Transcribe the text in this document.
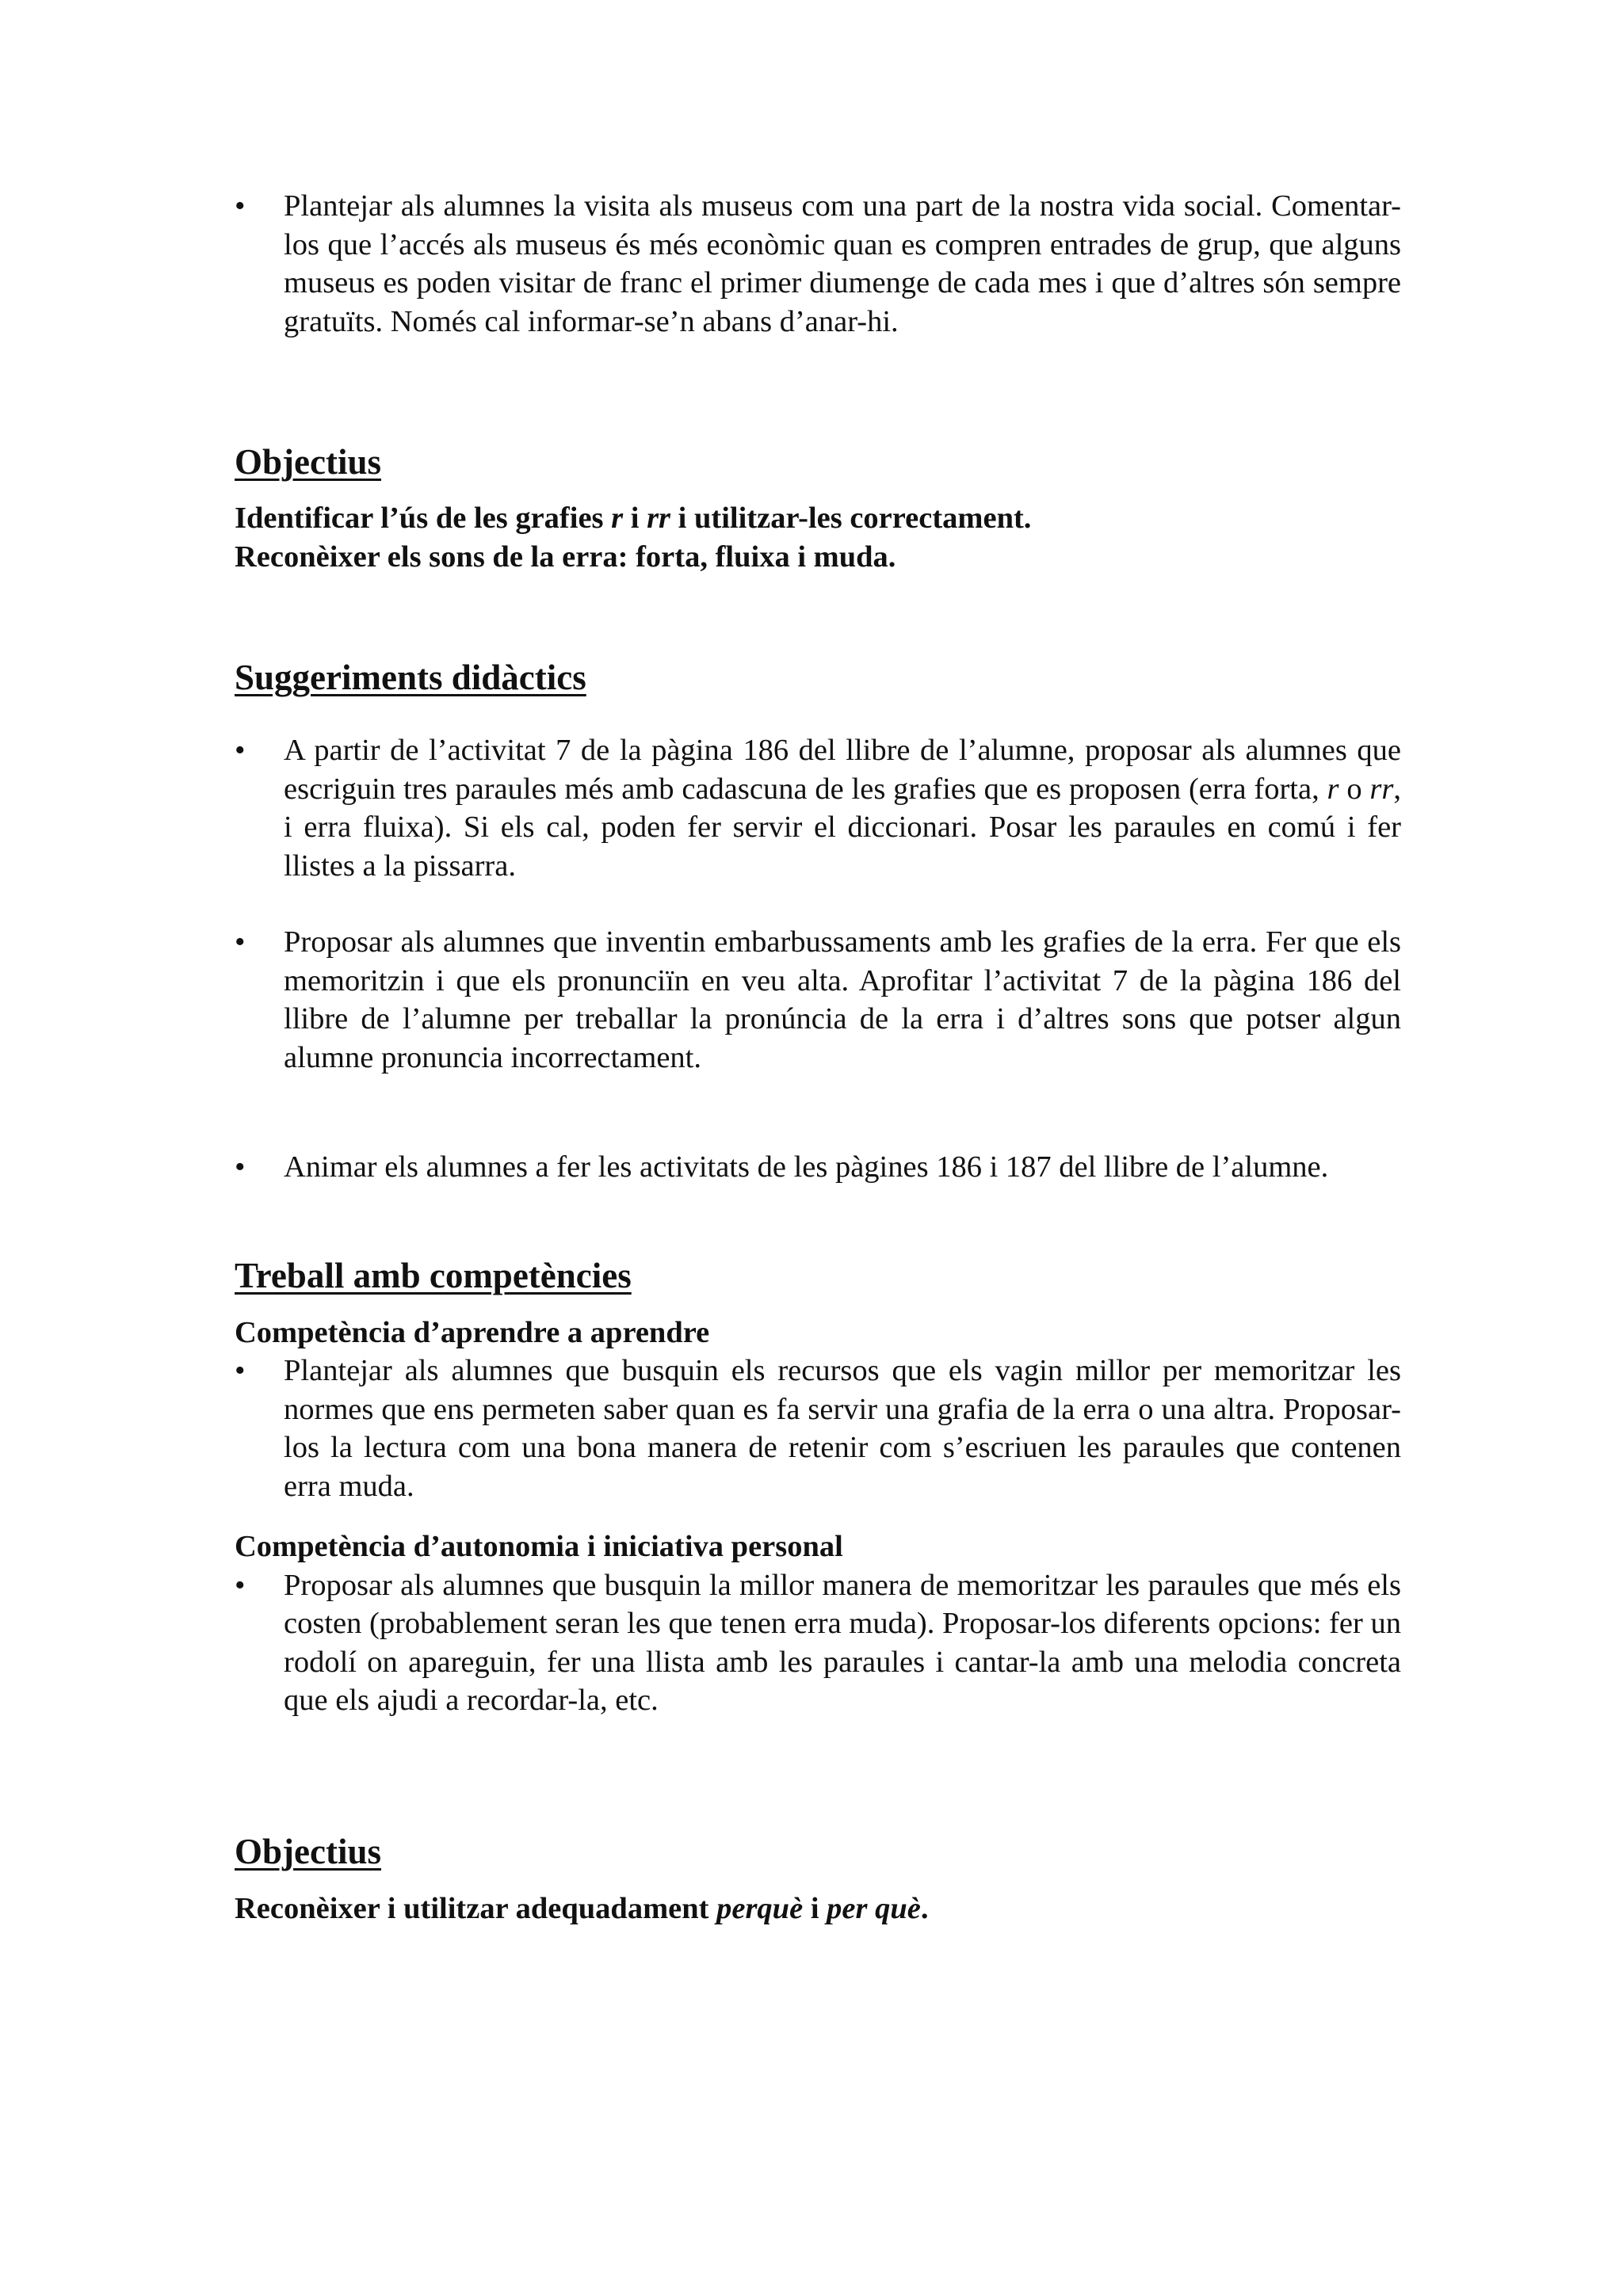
• Plantejar als alumnes la visita als museus com una part de la nostra vida social. Comentar-los que l’accés als museus és més econòmic quan es compren entrades de grup, que alguns museus es poden visitar de franc el primer diumenge de cada mes i que d’altres són sempre gratuïts. Només cal informar-se’n abans d’anar-hi.

Objectius

Identificar l’ús de les grafies r i rr i utilitzar-les correctament.

Reconèixer els sons de la erra: forta, fluixa i muda.

Suggeriments didàctics
• A partir de l’activitat 7 de la pàgina 186 del llibre de l’alumne, proposar als alumnes que escriguin tres paraules més amb cadascuna de les grafies que es proposen (erra forta, r o rr, i erra fluixa). Si els cal, poden fer servir el diccionari. Posar les paraules en comú i fer llistes a la pissarra.

• Proposar als alumnes que inventin embarbussaments amb les grafies de la erra. Fer que els memoritzin i que els pronunciïn en veu alta. Aprofitar l’activitat 7 de la pàgina 186 del llibre de l’alumne per treballar la pronúncia de la erra i d’altres sons que potser algun alumne pronuncia incorrectament.

• Animar els alumnes a fer les activitats de les pàgines 186 i 187 del llibre de l’alumne.

Treball amb competències
Competència d’aprendre a aprendre
• Plantejar als alumnes que busquin els recursos que els vagin millor per memoritzar les normes que ens permeten saber quan es fa servir una grafia de la erra o una altra. Proposar-los la lectura com una bona manera de retenir com s’escriuen les paraules que contenen erra muda.

Competència d’autonomia i iniciativa personal
• Proposar als alumnes que busquin la millor manera de memoritzar les paraules que més els costen (probablement seran les que tenen erra muda). Proposar-los diferents opcions: fer un rodolí on apareguin, fer una llista amb les paraules i cantar-la amb una melodia concreta que els ajudi a recordar-la, etc.

Objectius

Reconèixer i utilitzar adequadament perquè i per què.
